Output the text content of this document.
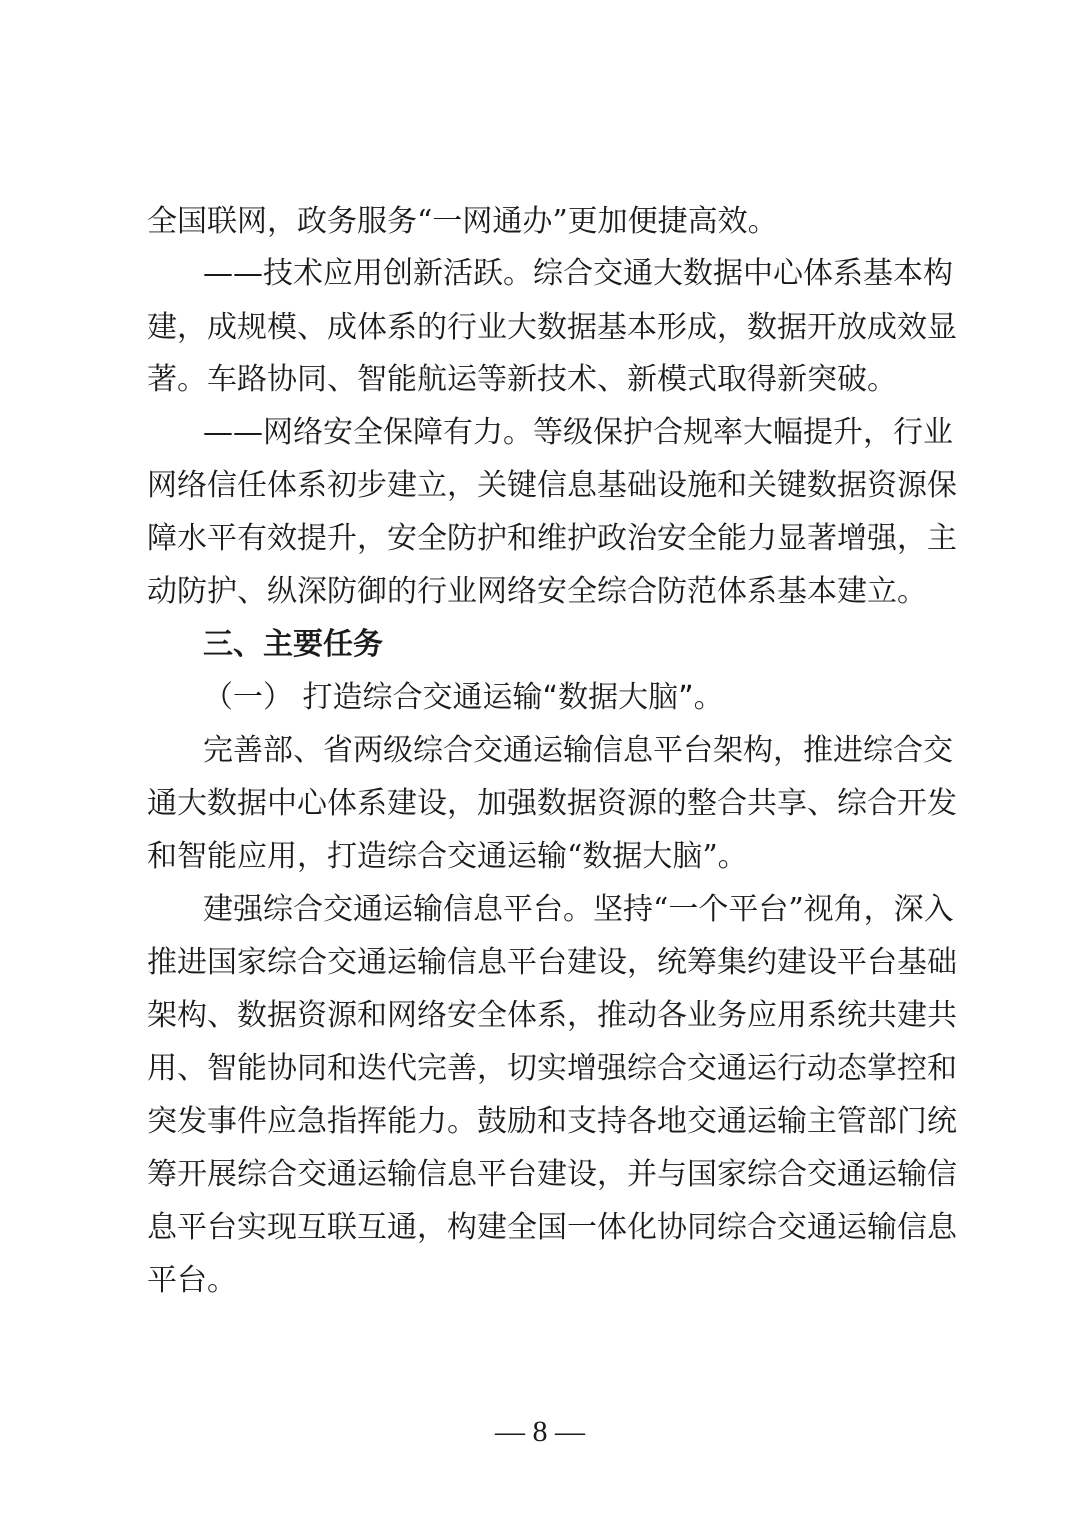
全国联网，政务服务“一网通办”更加便捷高效。
——技术应用创新活跃。综合交通大数据中心体系基本构
建，成规模、成体系的行业大数据基本形成，数据开放成效显
著。车路协同、智能航运等新技术、新模式取得新突破。
——网络安全保障有力。等级保护合规率大幅提升，行业
网络信任体系初步建立，关键信息基础设施和关键数据资源保
障水平有效提升，安全防护和维护政治安全能力显著增强，主
动防护、纵深防御的行业网络安全综合防范体系基本建立。
三、主要任务
（一） 打造综合交通运输“数据大脑”。
完善部、省两级综合交通运输信息平台架构，推进综合交
通大数据中心体系建设，加强数据资源的整合共享、综合开发
和智能应用，打造综合交通运输“数据大脑”。
建强综合交通运输信息平台。坚持“一个平台”视角，深入
推进国家综合交通运输信息平台建设，统筹集约建设平台基础
架构、数据资源和网络安全体系，推动各业务应用系统共建共
用、智能协同和迭代完善，切实增强综合交通运行动态掌控和
突发事件应急指挥能力。鼓励和支持各地交通运输主管部门统
筹开展综合交通运输信息平台建设，并与国家综合交通运输信
息平台实现互联互通，构建全国一体化协同综合交通运输信息
平台。
— 8 —
